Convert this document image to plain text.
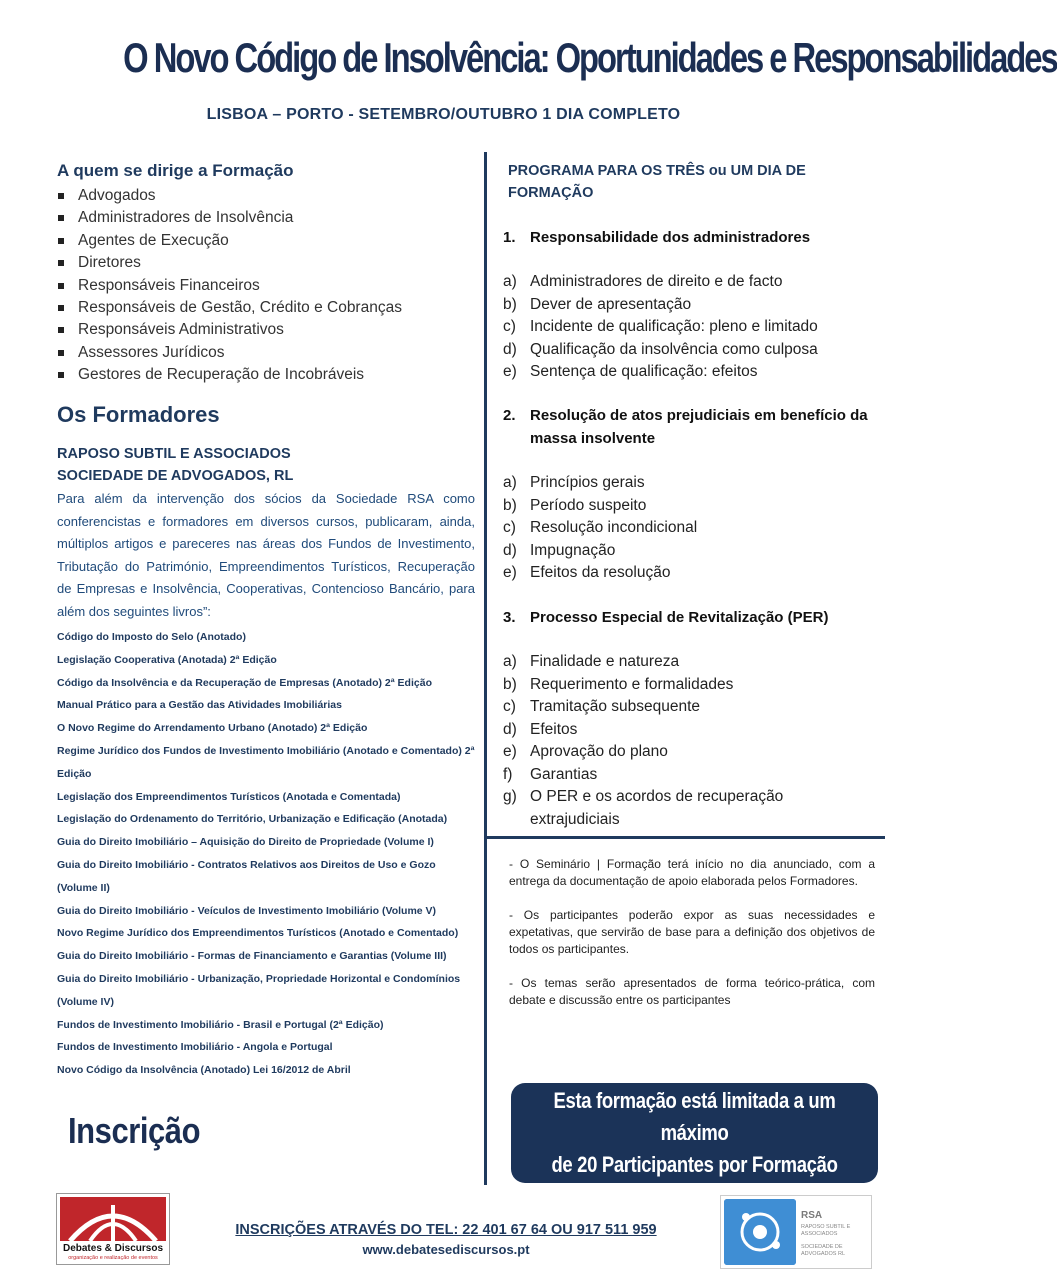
O Novo Código de Insolvência: Oportunidades e Responsabilidades
LISBOA – PORTO - SETEMBRO/OUTUBRO 1 DIA COMPLETO
A quem se dirige a Formação
Advogados
Administradores de Insolvência
Agentes de Execução
Diretores
Responsáveis Financeiros
Responsáveis de Gestão, Crédito e Cobranças
Responsáveis Administrativos
Assessores Jurídicos
Gestores de Recuperação de Incobráveis
Os Formadores
RAPOSO SUBTIL E ASSOCIADOS
SOCIEDADE DE ADVOGADOS, RL
Para além da intervenção dos sócios da Sociedade RSA como conferencistas e formadores em diversos cursos, publicaram, ainda, múltiplos artigos e pareceres nas áreas dos Fundos de Investimento, Tributação do Património, Empreendimentos Turísticos, Recuperação de Empresas e Insolvência, Cooperativas, Contencioso Bancário, para além dos seguintes livros”:
Código do Imposto do Selo (Anotado)
Legislação Cooperativa (Anotada) 2ª Edição
Código da Insolvência e da Recuperação de Empresas (Anotado) 2ª Edição
Manual Prático para a Gestão das Atividades Imobiliárias
O Novo Regime do Arrendamento Urbano (Anotado) 2ª Edição
Regime Jurídico dos Fundos de Investimento Imobiliário (Anotado e Comentado) 2ª Edição
Legislação dos Empreendimentos Turísticos (Anotada e Comentada)
Legislação do Ordenamento do Território, Urbanização e Edificação (Anotada)
Guia do Direito Imobiliário – Aquisição do Direito de Propriedade (Volume I)
Guia do Direito Imobiliário - Contratos Relativos aos Direitos de Uso e Gozo (Volume II)
Guia do Direito Imobiliário - Veículos de Investimento Imobiliário (Volume V)
Novo Regime Jurídico dos Empreendimentos Turísticos (Anotado e Comentado)
Guia do Direito Imobiliário - Formas de Financiamento e Garantias (Volume III)
Guia do Direito Imobiliário - Urbanização, Propriedade Horizontal e Condomínios (Volume IV)
Fundos de Investimento Imobiliário - Brasil e Portugal (2ª Edição)
Fundos de Investimento Imobiliário - Angola e Portugal
Novo Código da Insolvência (Anotado) Lei 16/2012 de Abril
Inscrição
PROGRAMA PARA OS TRÊS ou UM DIA DE FORMAÇÃO
1. Responsabilidade dos administradores
a) Administradores de direito e de facto
b) Dever de apresentação
c) Incidente de qualificação: pleno e limitado
d) Qualificação da insolvência como culposa
e) Sentença de qualificação: efeitos
2. Resolução de atos prejudiciais em benefício da massa insolvente
a) Princípios gerais
b) Período suspeito
c) Resolução incondicional
d) Impugnação
e) Efeitos da resolução
3. Processo Especial de Revitalização (PER)
a) Finalidade e natureza
b) Requerimento e formalidades
c) Tramitação subsequente
d) Efeitos
e) Aprovação do plano
f) Garantias
g) O PER e os acordos de recuperação extrajudiciais

- O Seminário | Formação terá início no dia anunciado, com a entrega da documentação de apoio elaborada pelos Formadores.

- Os participantes poderão expor as suas necessidades e expetativas, que servirão de base para a definição dos objetivos de todos os participantes.

- Os temas serão apresentados de forma teórico-prática, com debate e discussão entre os participantes

Esta formação está limitada a um máximo
de 20 Participantes por Formação
Debates & Discursos
organização e realização de eventos
INSCRIÇÕES ATRAVÉS DO TEL: 22 401 67 64 OU 917 511 959
www.debatesediscursos.pt
RSA
RAPOSO SUBTIL E ASSOCIADOS
SOCIEDADE DE ADVOGADOS RL
